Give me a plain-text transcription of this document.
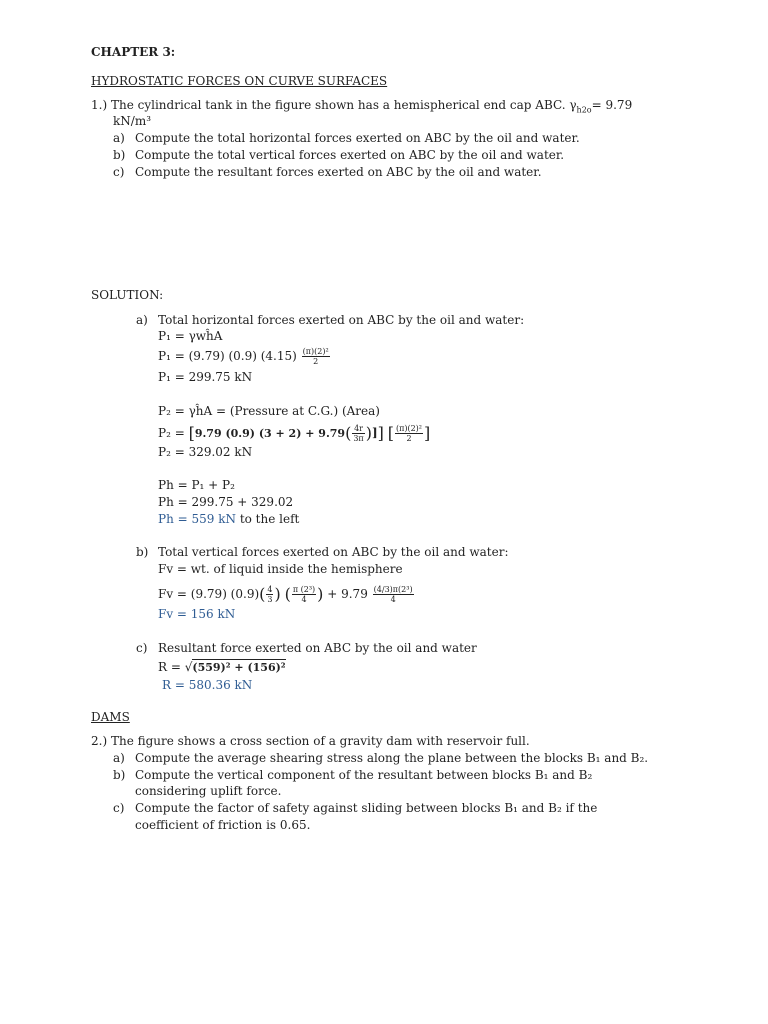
CHAPTER 3:
HYDROSTATIC FORCES ON CURVE SURFACES
1.) The cylindrical tank in the figure shown has a hemispherical end cap ABC. $\gamma_{h2o}= 9.79$
kN/m³
a) Compute the total horizontal forces exerted on ABC by the oil and water.
b) Compute the total vertical forces exerted on ABC by the oil and water.
c) Compute the resultant forces exerted on ABC by the oil and water.
SOLUTION:
a) Total horizontal forces exerted on ABC by the oil and water:
P₁ = γwĥA
P₁ = (9.79) (0.9) $(4.15) \frac{\text{(π)(2)²}}{2}$
P₁ = 299.75 kN
P₂ = γĥA = (Pressure at C.G.) (Area)
P₂ = [9.79 (0.9) $(3 + 2) + 9.79( \frac{4r}{3\pi}$ )]] [ $\frac{\text{(π)(2)²}}{2}$ ]
P₂ = 329.02 kN
Ph = P₁ + P₂
Ph = 299.75 + 329.02
Ph = 559 kN to the left
b) Total vertical forces exerted on ABC by the oil and water:
Fv = wt. of liquid inside the hemisphere
Fv = (9.79) $(0.9)( \frac{4}{3}$ ) ( $\frac{\text{π (2³)}}{4}$ ) + $9.79 \frac{\text{(4/3)π(2³)}}{4}$
Fv = 156 kN
c) Resultant force exerted on ABC by the oil and water
R = √(559)² + (156)²
R = 580.36 kN
DAMS
2.) The figure shows a cross section of a gravity dam with reservoir full.
a) Compute the average shearing stress along the plane between the blocks B₁ and B₂.
b) Compute the vertical component of the resultant between blocks B₁ and B₂
considering uplift force.
c) Compute the factor of safety against sliding between blocks B₁ and B₂ if the
coefficient of friction is 0.65.
